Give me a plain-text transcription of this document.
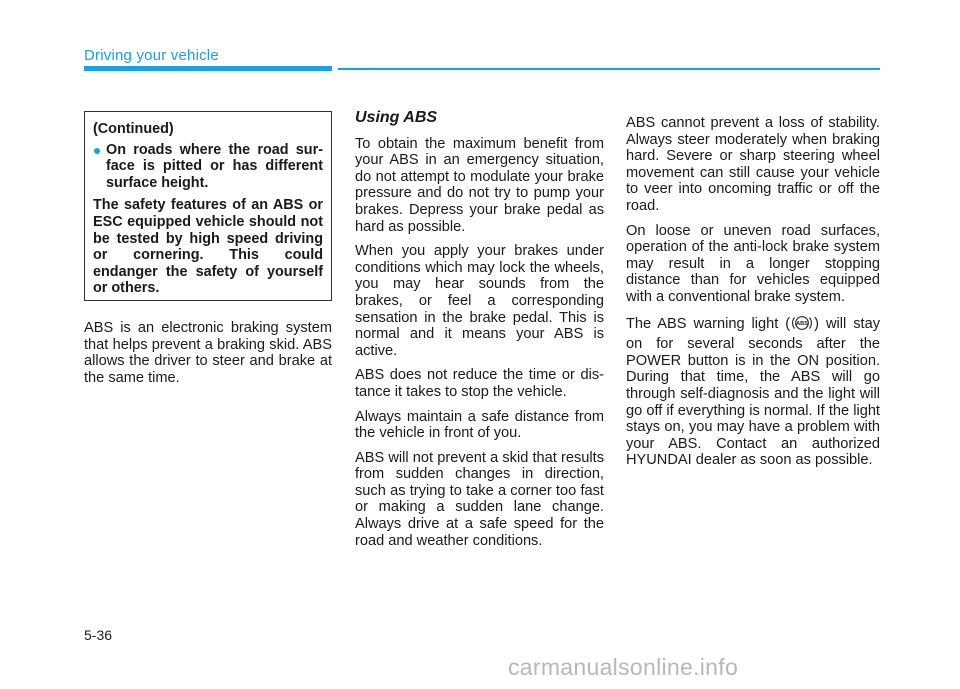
Driving your vehicle

(Continued)

On roads where the road surface is pitted or has different surface height.

The safety features of an ABS or ESC equipped vehicle should not be tested by high speed driving or cornering. This could endanger the safety of yourself or others.

ABS is an electronic braking system that helps prevent a braking skid. ABS allows the driver to steer and brake at the same time.

Using ABS

To obtain the maximum benefit from your ABS in an emergency situation, do not attempt to modulate your brake pressure and do not try to pump your brakes. Depress your brake pedal as hard as possible.

When you apply your brakes under conditions which may lock the wheels, you may hear sounds from the brakes, or feel a corresponding sensation in the brake pedal. This is normal and it means your ABS is active.

ABS does not reduce the time or distance it takes to stop the vehicle.

Always maintain a safe distance from the vehicle in front of you.

ABS will not prevent a skid that results from sudden changes in direction, such as trying to take a corner too fast or making a sudden lane change. Always drive at a safe speed for the road and weather conditions.

ABS cannot prevent a loss of stability. Always steer moderately when braking hard. Severe or sharp steering wheel movement can still cause your vehicle to veer into oncoming traffic or off the road.

On loose or uneven road surfaces, operation of the anti-lock brake system may result in a longer stopping distance than for vehicles equipped with a conventional brake system.

The ABS warning light ( ABS ) will stay on for several seconds after the POWER button is in the ON position. During that time, the ABS will go through self-diagnosis and the light will go off if everything is normal. If the light stays on, you may have a problem with your ABS. Contact an authorized HYUNDAI dealer as soon as possible.

5-36
carmanualsonline.info
